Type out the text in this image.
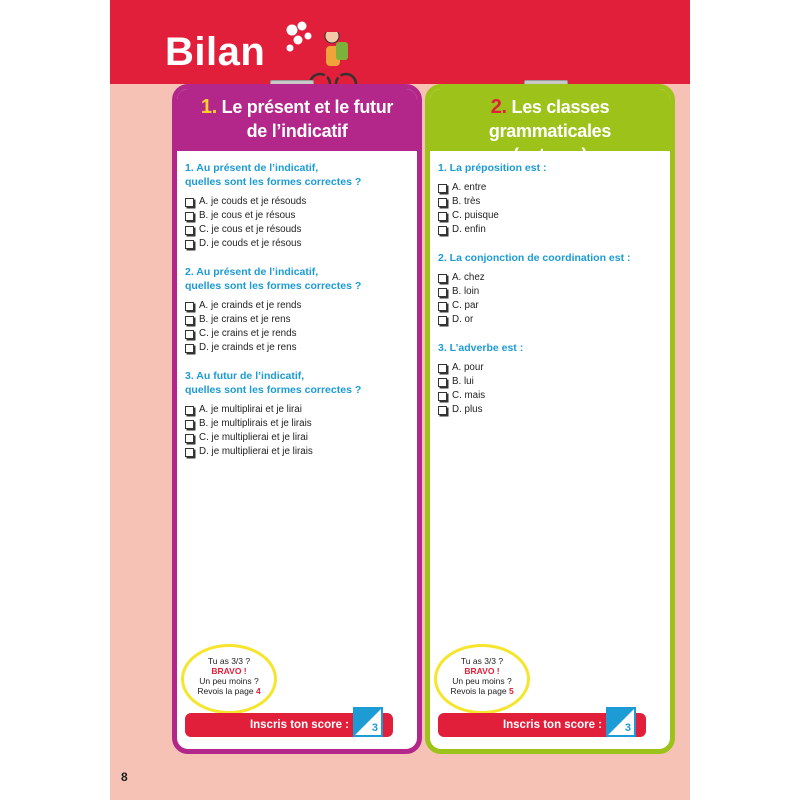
Bilan
8
1. Le présent et le futur
de l’indicatif
1. Au présent de l’indicatif,
quelles sont les formes correctes ?
A. je couds et je résouds
B. je cous et je résous
C. je cous et je résouds
D. je couds et je résous
2. Au présent de l’indicatif,
quelles sont les formes correctes ?
A. je crainds et je rends
B. je crains et je rens
C. je crains et je rends
D. je crainds et je rens
3. Au futur de l’indicatif,
quelles sont les formes correctes ?
A. je multiplirai et je lirai
B. je multiplirais et je lirais
C. je multiplierai et je lirai
D. je multiplierai et je lirais
Tu as 3/3 ?
BRAVO !
Un peu moins ?
Revois la page 4
Inscris ton score : 3
2. Les classes grammaticales
(natures)
1. La préposition est :
A. entre
B. très
C. puisque
D. enfin
2. La conjonction de coordination est :
A. chez
B. loin
C. par
D. or
3. L’adverbe est :
A. pour
B. lui
C. mais
D. plus
Tu as 3/3 ?
BRAVO !
Un peu moins ?
Revois la page 5
Inscris ton score : 3
